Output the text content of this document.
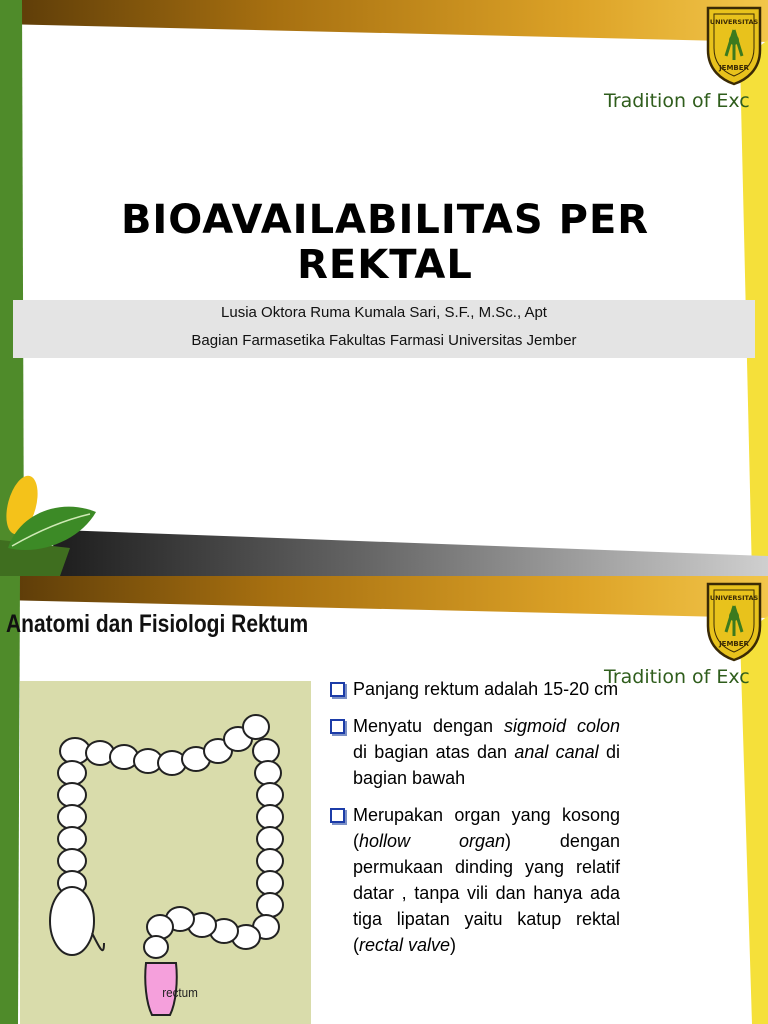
UNIVERSITAS
JEMBER
Tradition of Exc
BIOAVAILABILITAS PER REKTAL
Lusia Oktora Ruma Kumala Sari, S.F., M.Sc., Apt
Bagian Farmasetika Fakultas Farmasi Universitas Jember
UNIVERSITAS
JEMBER
Anatomi dan Fisiologi Rektum
Tradition of Exc
rectum
Panjang rektum adalah 15-20 cm
Menyatu dengan sigmoid colon di bagian atas dan anal canal di bagian bawah
Merupakan organ yang kosong (hollow organ) dengan permukaan dinding yang relatif datar , tanpa vili dan hanya ada tiga lipatan yaitu katup rektal (rectal valve)
